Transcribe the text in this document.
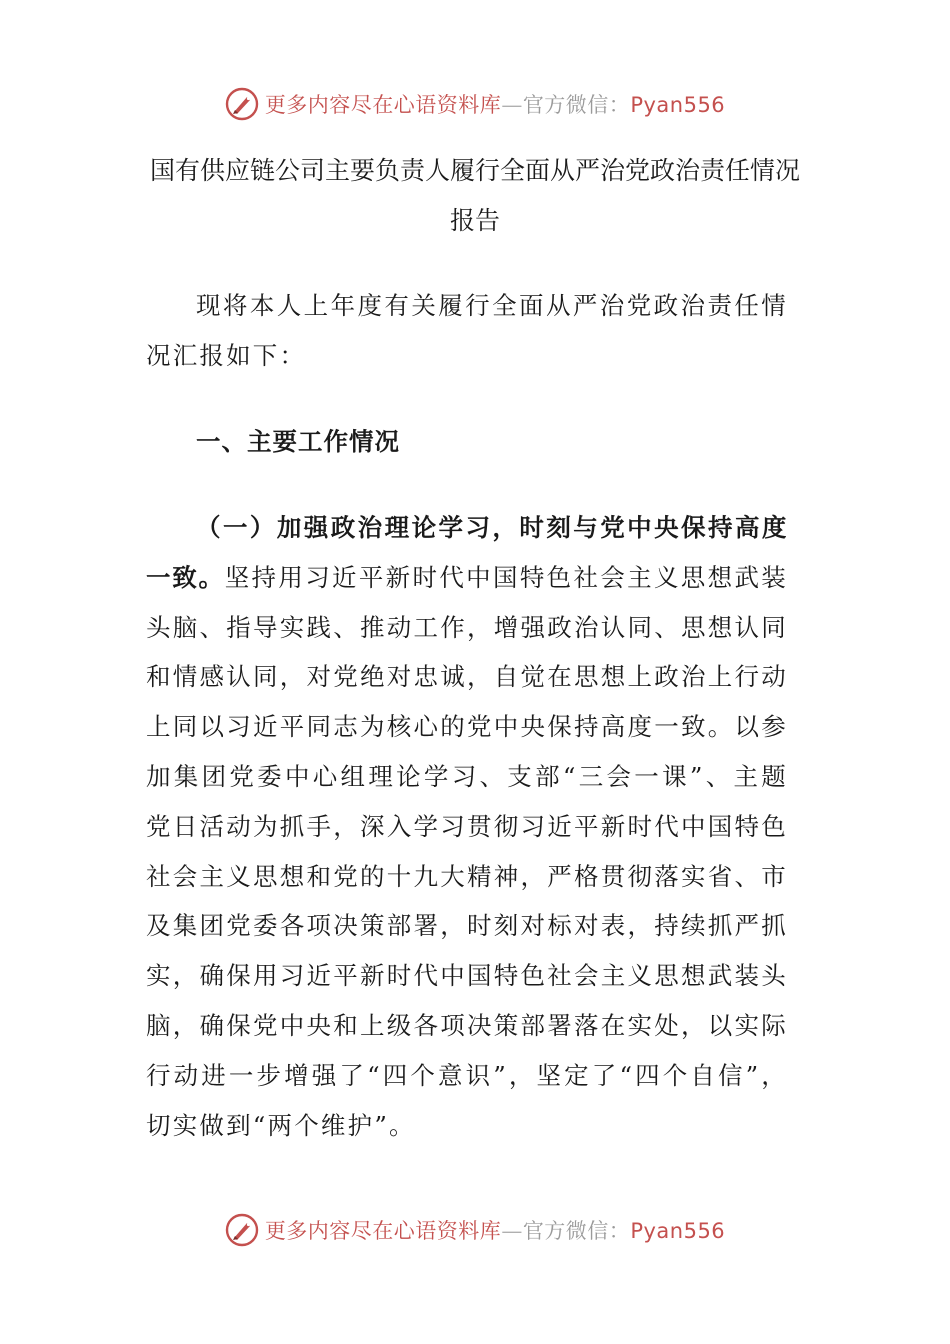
更多内容尽在心语资料库—官方微信：Pyan556
国有供应链公司主要负责人履行全面从严治党政治责任情况报告
现将本人上年度有关履行全面从严治党政治责任情况汇报如下：
一、主要工作情况
（一）加强政治理论学习，时刻与党中央保持高度一致。坚持用习近平新时代中国特色社会主义思想武装头脑、指导实践、推动工作，增强政治认同、思想认同和情感认同，对党绝对忠诚，自觉在思想上政治上行动上同以习近平同志为核心的党中央保持高度一致。以参加集团党委中心组理论学习、支部“三会一课”、主题党日活动为抓手，深入学习贯彻习近平新时代中国特色社会主义思想和党的十九大精神，严格贯彻落实省、市及集团党委各项决策部署，时刻对标对表，持续抓严抓实，确保用习近平新时代中国特色社会主义思想武装头脑，确保党中央和上级各项决策部署落在实处，以实际行动进一步增强了“四个意识”，坚定了“四个自信”，切实做到“两个维护”。
更多内容尽在心语资料库—官方微信：Pyan556
